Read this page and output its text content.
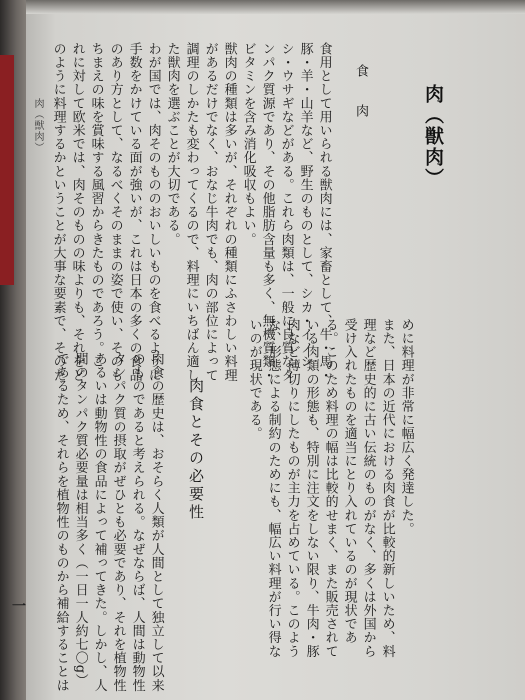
肉（獣肉）
食　肉
食用として用いられる獣肉には、家畜として、牛・馬・
豚・羊・山羊など、野生のものとして、シカ・イノシ
シ・ウサギなどがある。これら肉類は、一般に良質なタ
ンパク質源であり、その他脂肪含量も多く、無機質類・
ビタミンを含み消化吸収もよい。
獣肉の種類は多いが、それぞれの種類にふさわしい料理
があるだけでなく、おなじ牛肉でも、肉の部位によって
調理のしかたも変わってくるので、料理にいちばん適し
た獣肉を選ぶことが大切である。
わが国では、肉そのもののおいしいものを食べるように
手数をかけている面が強いが、これは日本の多くの食品
のあり方として、なるべくそのままの姿で使い、そのも
ちまえの味を賞味する風習からきたものであろう。こ
れに対して欧米では、肉そのものの味よりも、それをど
のように料理するかということが大事な要素で、そのた
肉（獣肉）
めに料理が非常に幅広く発達した。
また、日本の近代における肉食が比較的新しいため、料
理など歴史的に古い伝統のものがなく、多くは外国から
受け入れたものを適当にとり入れているのが現状であ
る。このため料理の幅は比較的せまく、また販売されて
いる肉類の形態も、特別に注文をしない限り、牛肉・豚
肉など薄切りにしたものが主力を占めている。このよう
な、形態による制約のためにも、幅広い料理が行い得な
いのが現状である。
肉食とその必要性
肉食の歴史は、おそらく人類が人間として独立して以来
のものであると考えられる。なぜならば、人間は動物性
タンパク質の摂取がぜひとも必要であり、それを植物性
あるいは動物性の食品によって補ってきた。しかし、人
間のタンパク質必要量は相当多く（一日一人約七〇g）
であるため、それらを植物性のものから補給することは
一
